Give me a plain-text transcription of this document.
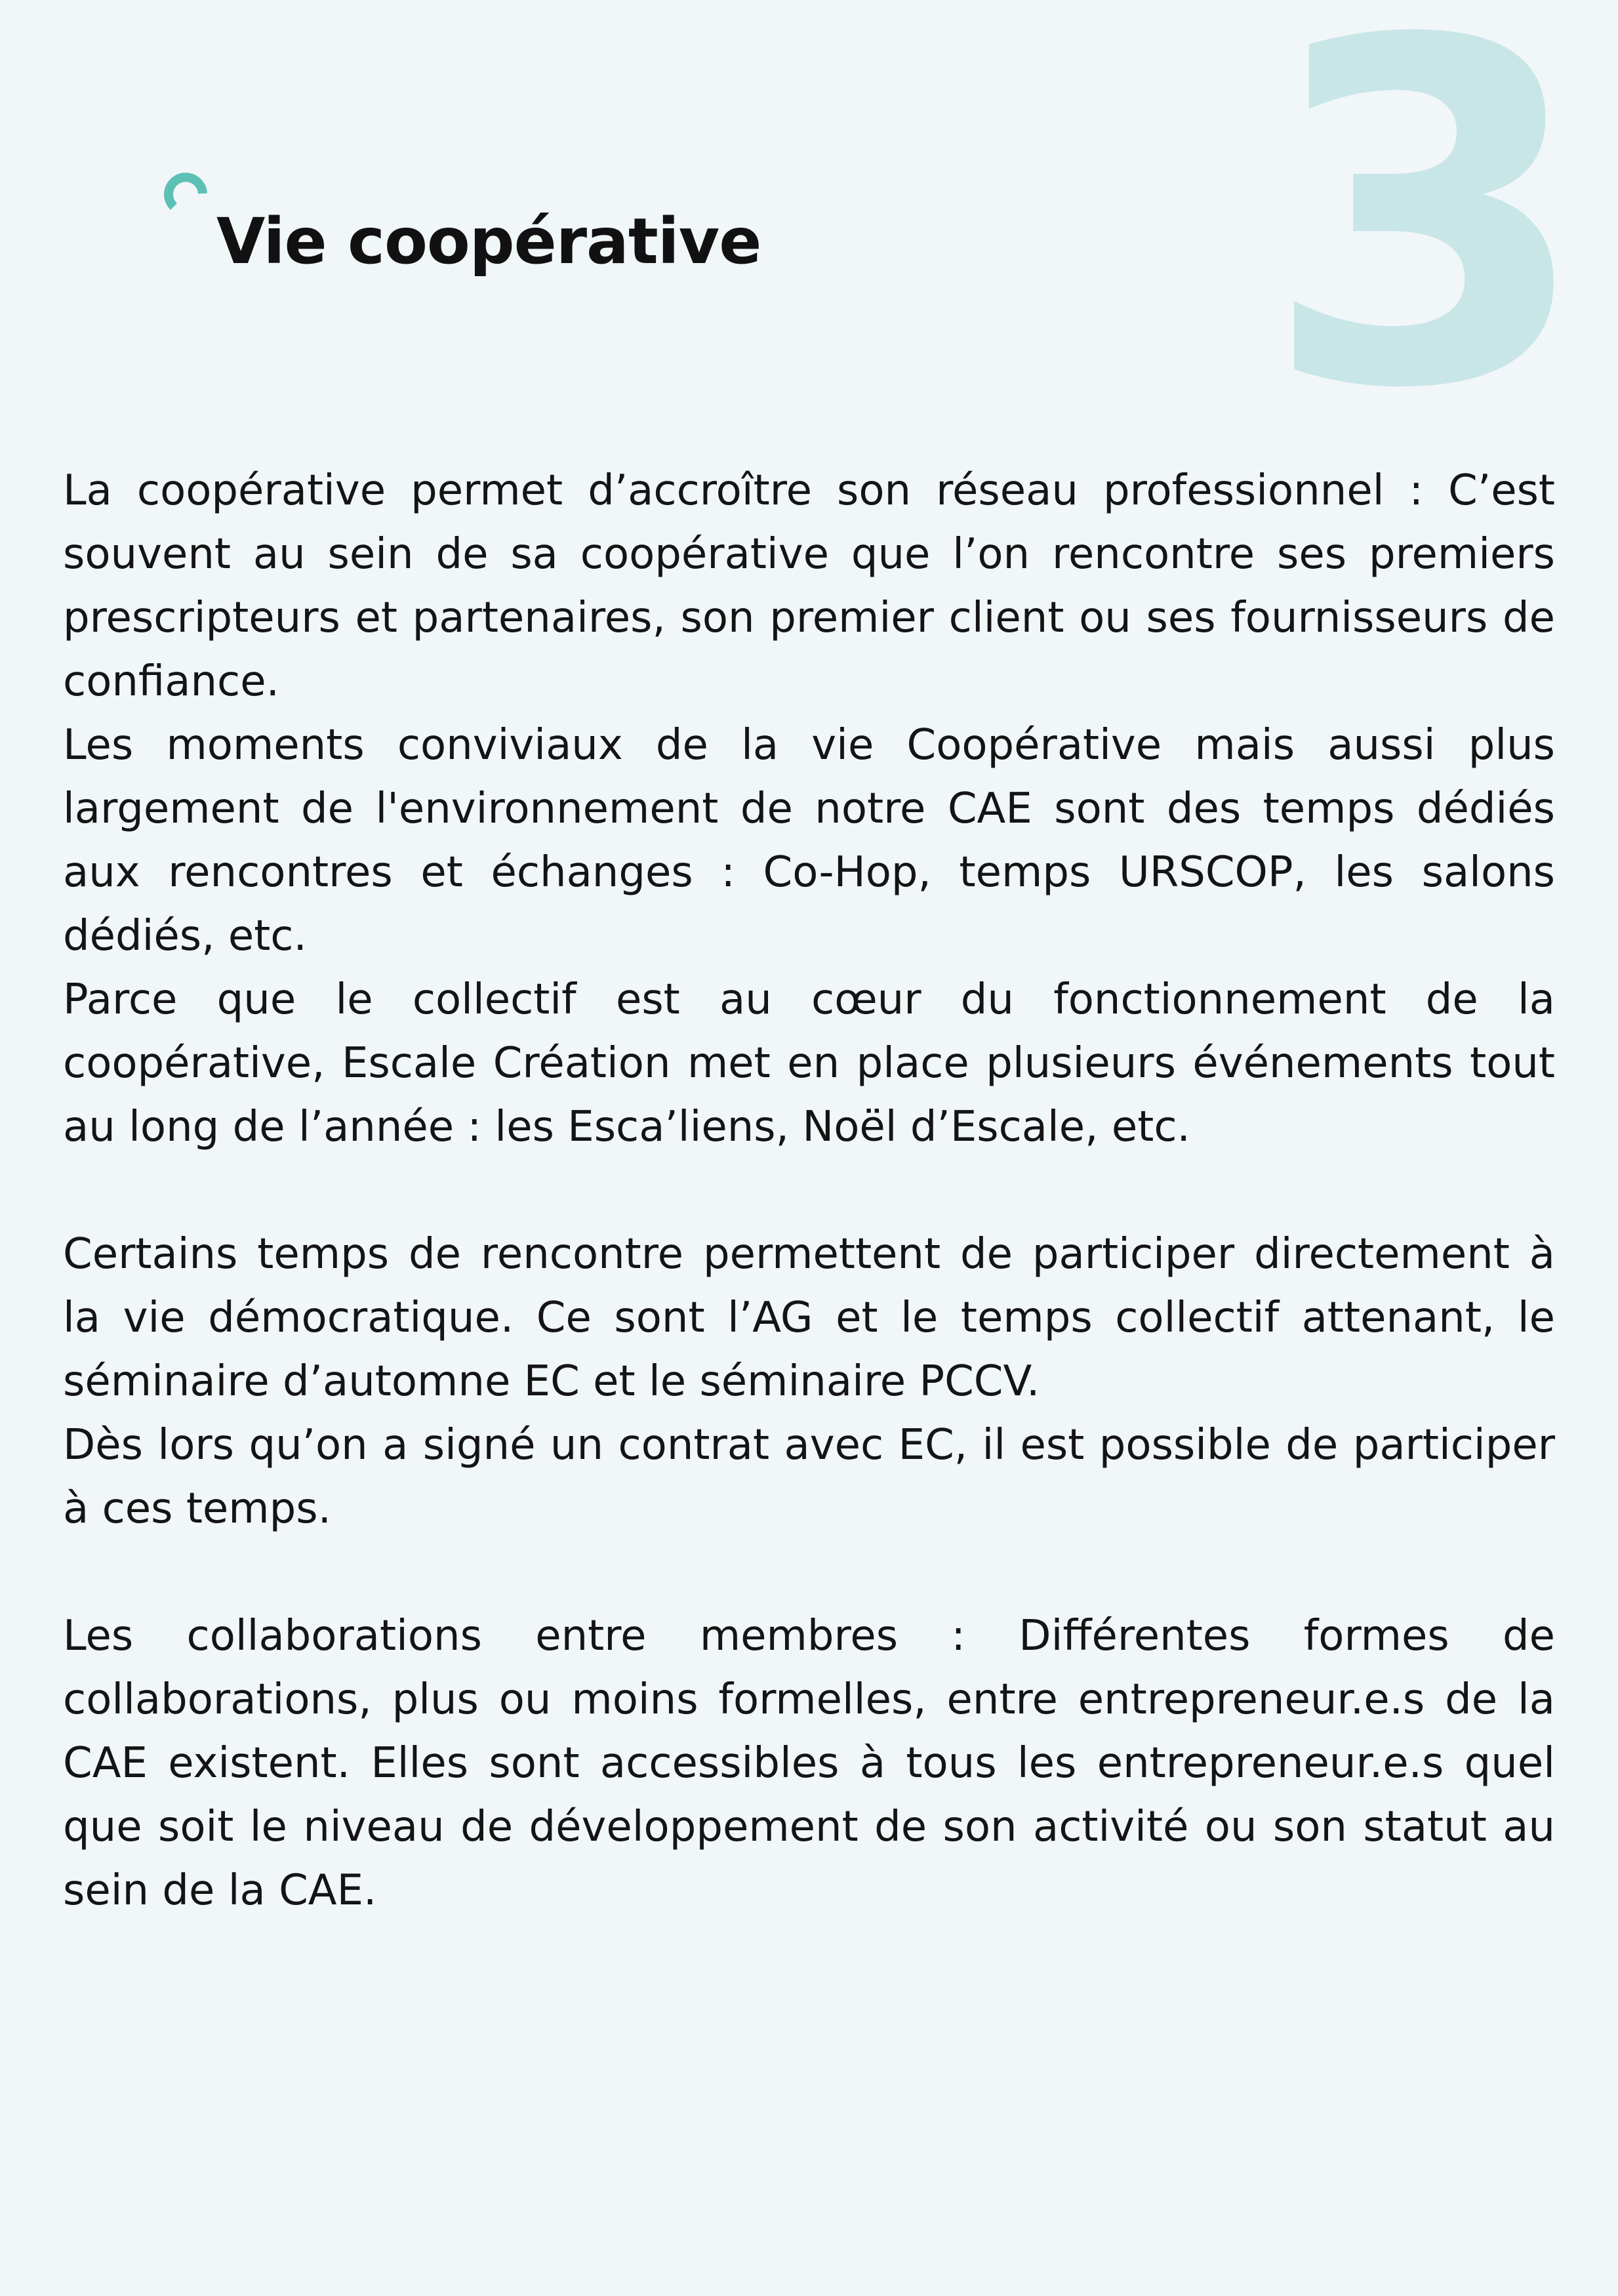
3
Vie coopérative

La coopérative permet d’accroître son réseau professionnel : C’est souvent au sein de sa coopérative que l’on rencontre ses premiers prescripteurs et partenaires, son premier client ou ses fournisseurs de confiance.

Les moments conviviaux de la vie Coopérative mais aussi plus largement de l'environnement de notre CAE sont des temps dédiés aux rencontres et échanges : Co-Hop, temps URSCOP, les salons dédiés, etc.

Parce que le collectif est au cœur du fonctionnement de la coopérative, Escale Création met en place plusieurs événements tout au long de l’année : les Esca’liens, Noël d’Escale, etc.

Certains temps de rencontre permettent de participer directement à la vie démocratique. Ce sont l’AG et le temps collectif attenant, le séminaire d’automne EC et le séminaire PCCV.

Dès lors qu’on a signé un contrat avec EC, il est possible de participer à ces temps.

Les collaborations entre membres : Différentes formes de collaborations, plus ou moins formelles, entre entrepreneur.e.s de la CAE existent. Elles sont accessibles à tous les entrepreneur.e.s quel que soit le niveau de développement de son activité ou son statut au sein de la CAE.
